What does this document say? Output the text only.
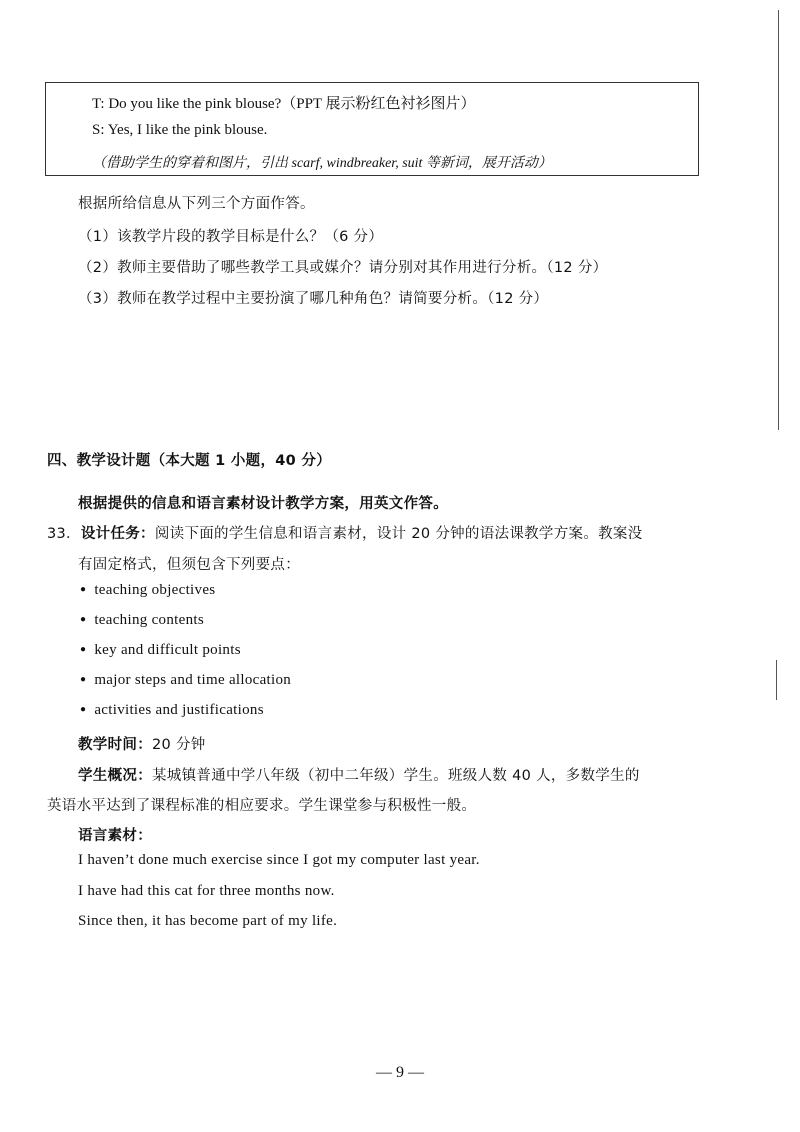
T: Do you like the pink blouse?（PPT 展示粉红色衬衫图片）
S: Yes, I like the pink blouse.
（借助学生的穿着和图片，引出 scarf, windbreaker, suit 等新词，展开活动）
根据所给信息从下列三个方面作答。
（1）该教学片段的教学目标是什么？（6 分）
（2）教师主要借助了哪些教学工具或媒介？请分别对其作用进行分析。（12 分）
（3）教师在教学过程中主要扮演了哪几种角色？请简要分析。（12 分）
四、教学设计题（本大题 1 小题，40 分）
根据提供的信息和语言素材设计教学方案，用英文作答。
33．设计任务：阅读下面的学生信息和语言素材，设计 20 分钟的语法课教学方案。教案没
有固定格式，但须包含下列要点：
● teaching objectives
● teaching contents
● key and difficult points
● major steps and time allocation
● activities and justifications
教学时间：20 分钟
学生概况：某城镇普通中学八年级（初中二年级）学生。班级人数 40 人，多数学生的
英语水平达到了课程标准的相应要求。学生课堂参与积极性一般。
语言素材：
I haven’t done much exercise since I got my computer last year.
I have had this cat for three months now.
Since then, it has become part of my life.
— 9 —
